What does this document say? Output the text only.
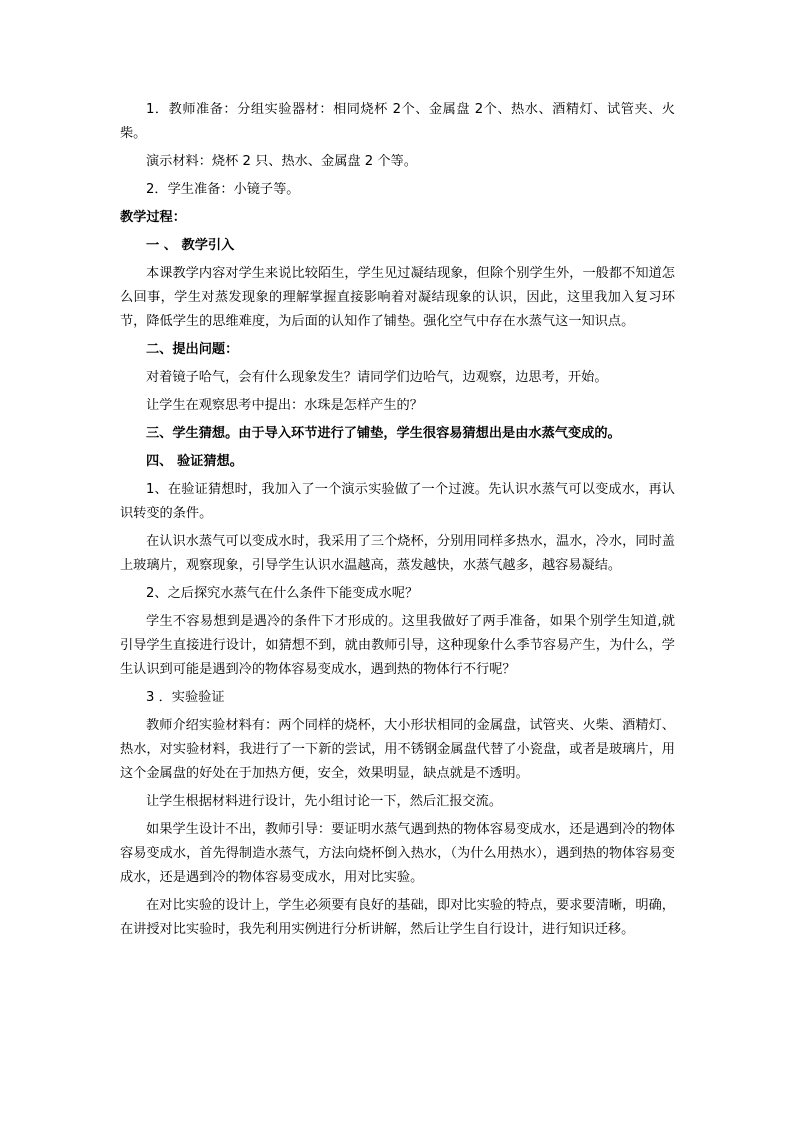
1．教师准备：分组实验器材：相同烧杯 2个、金属盘 2个、热水、酒精灯、试管夹、火柴。

演示材料：烧杯 2 只、热水、金属盘 2 个等。

2．学生准备：小镜子等。

教学过程：

一 、 教学引入

本课教学内容对学生来说比较陌生，学生见过凝结现象，但除个别学生外，一般都不知道怎么回事，学生对蒸发现象的理解掌握直接影响着对凝结现象的认识，因此，这里我加入复习环节，降低学生的思维难度，为后面的认知作了铺垫。强化空气中存在水蒸气这一知识点。

二、提出问题：

对着镜子哈气，会有什么现象发生？请同学们边哈气，边观察，边思考，开始。

让学生在观察思考中提出：水珠是怎样产生的？

三、学生猜想。由于导入环节进行了铺垫，学生很容易猜想出是由水蒸气变成的。

四、 验证猜想。

1、在验证猜想时，我加入了一个演示实验做了一个过渡。先认识水蒸气可以变成水，再认识转变的条件。

在认识水蒸气可以变成水时，我采用了三个烧杯，分别用同样多热水，温水，冷水，同时盖上玻璃片，观察现象，引导学生认识水温越高，蒸发越快，水蒸气越多，越容易凝结。

2、之后探究水蒸气在什么条件下能变成水呢？

学生不容易想到是遇冷的条件下才形成的。这里我做好了两手准备，如果个别学生知道,就引导学生直接进行设计，如猜想不到，就由教师引导，这种现象什么季节容易产生，为什么，学生认识到可能是遇到冷的物体容易变成水，遇到热的物体行不行呢？

3 ．实验验证

教师介绍实验材料有：两个同样的烧杯，大小形状相同的金属盘，试管夹、火柴、酒精灯、热水，对实验材料，我进行了一下新的尝试，用不锈钢金属盘代替了小瓷盘，或者是玻璃片，用这个金属盘的好处在于加热方便，安全，效果明显，缺点就是不透明。

让学生根据材料进行设计，先小组讨论一下，然后汇报交流。

如果学生设计不出，教师引导：要证明水蒸气遇到热的物体容易变成水，还是遇到冷的物体容易变成水，首先得制造水蒸气，方法向烧杯倒入热水，（为什么用热水），遇到热的物体容易变成水，还是遇到冷的物体容易变成水，用对比实验。

在对比实验的设计上，学生必须要有良好的基础，即对比实验的特点，要求要清晰，明确，在讲授对比实验时，我先利用实例进行分析讲解，然后让学生自行设计，进行知识迁移。
